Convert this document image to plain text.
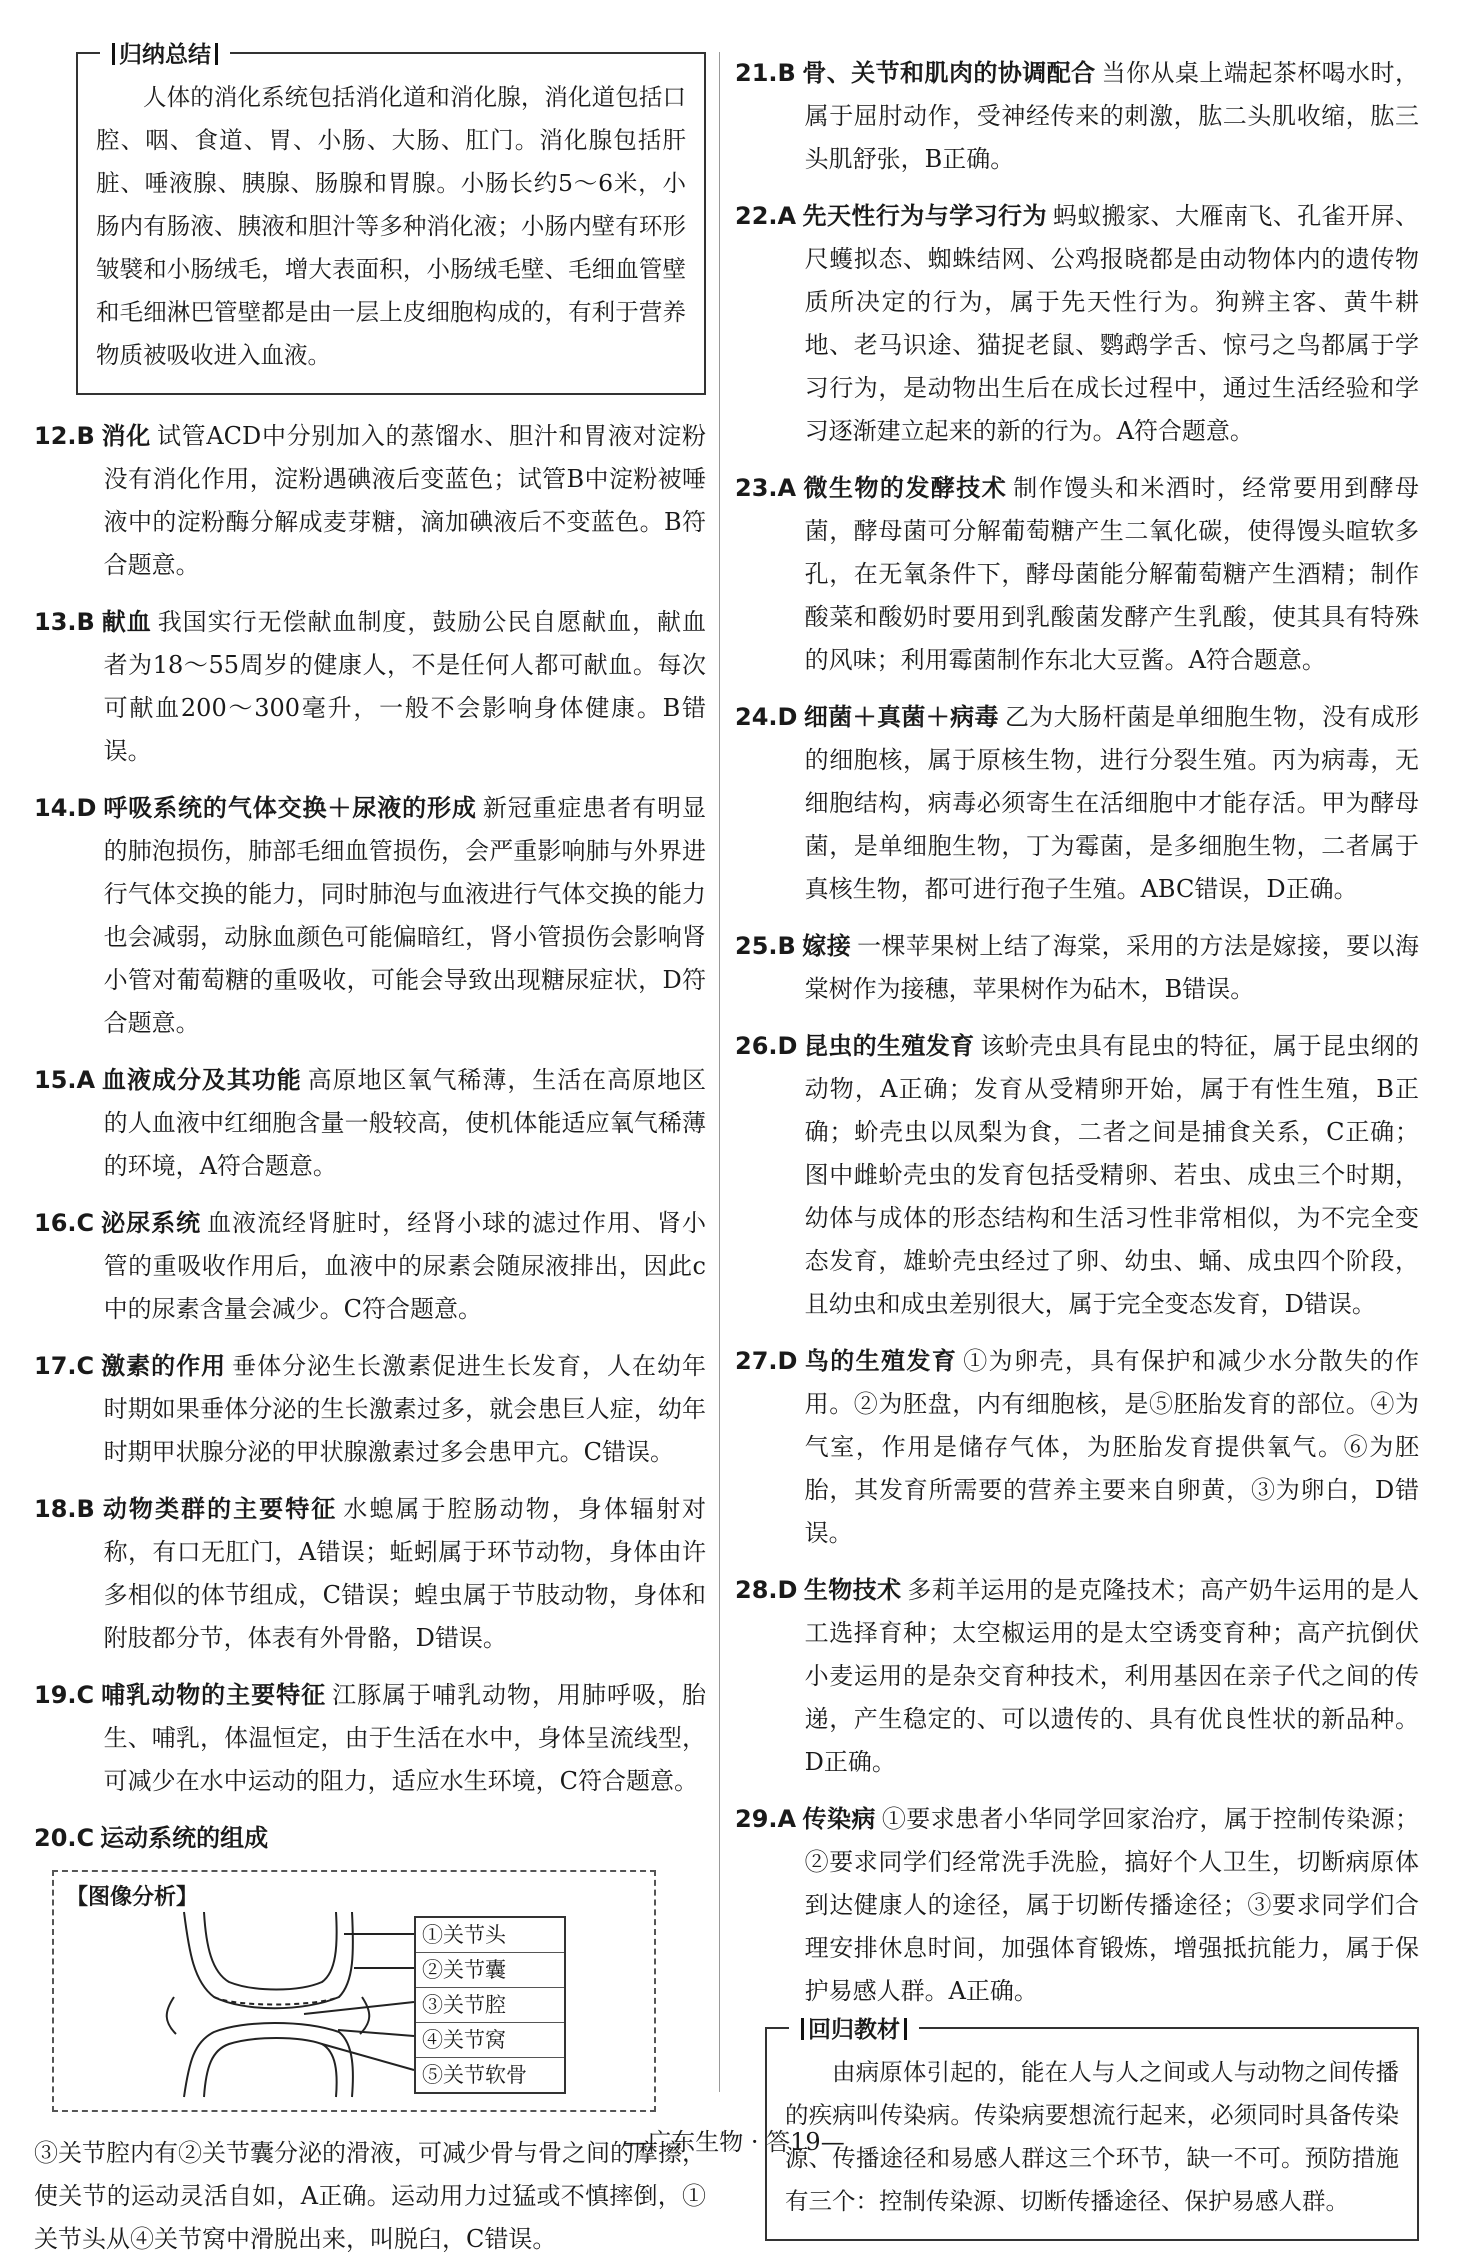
归纳总结
人体的消化系统包括消化道和消化腺，消化道包括口腔、咽、食道、胃、小肠、大肠、肛门。消化腺包括肝脏、唾液腺、胰腺、肠腺和胃腺。小肠长约5～6米，小肠内有肠液、胰液和胆汁等多种消化液；小肠内壁有环形皱襞和小肠绒毛，增大表面积，小肠绒毛壁、毛细血管壁和毛细淋巴管壁都是由一层上皮细胞构成的，有利于营养物质被吸收进入血液。
12.B 消化 试管ACD中分别加入的蒸馏水、胆汁和胃液对淀粉没有消化作用，淀粉遇碘液后变蓝色；试管B中淀粉被唾液中的淀粉酶分解成麦芽糖，滴加碘液后不变蓝色。B符合题意。
13.B 献血 我国实行无偿献血制度，鼓励公民自愿献血，献血者为18～55周岁的健康人，不是任何人都可献血。每次可献血200～300毫升，一般不会影响身体健康。B错误。
14.D 呼吸系统的气体交换＋尿液的形成 新冠重症患者有明显的肺泡损伤，肺部毛细血管损伤，会严重影响肺与外界进行气体交换的能力，同时肺泡与血液进行气体交换的能力也会减弱，动脉血颜色可能偏暗红，肾小管损伤会影响肾小管对葡萄糖的重吸收，可能会导致出现糖尿症状，D符合题意。
15.A 血液成分及其功能 高原地区氧气稀薄，生活在高原地区的人血液中红细胞含量一般较高，使机体能适应氧气稀薄的环境，A符合题意。
16.C 泌尿系统 血液流经肾脏时，经肾小球的滤过作用、肾小管的重吸收作用后，血液中的尿素会随尿液排出，因此c中的尿素含量会减少。C符合题意。
17.C 激素的作用 垂体分泌生长激素促进生长发育，人在幼年时期如果垂体分泌的生长激素过多，就会患巨人症，幼年时期甲状腺分泌的甲状腺激素过多会患甲亢。C错误。
18.B 动物类群的主要特征 水螅属于腔肠动物，身体辐射对称，有口无肛门，A错误；蚯蚓属于环节动物，身体由许多相似的体节组成，C错误；蝗虫属于节肢动物，身体和附肢都分节，体表有外骨骼，D错误。
19.C 哺乳动物的主要特征 江豚属于哺乳动物，用肺呼吸，胎生、哺乳，体温恒定，由于生活在水中，身体呈流线型，可减少在水中运动的阻力，适应水生环境，C符合题意。
20.C 运动系统的组成
【图像分析】
①关节头
②关节囊
③关节腔
④关节窝
⑤关节软骨
③关节腔内有②关节囊分泌的滑液，可减少骨与骨之间的摩擦，使关节的运动灵活自如，A正确。运动用力过猛或不慎摔倒，①关节头从④关节窝中滑脱出来，叫脱臼，C错误。
21.B 骨、关节和肌肉的协调配合 当你从桌上端起茶杯喝水时，属于屈肘动作，受神经传来的刺激，肱二头肌收缩，肱三头肌舒张，B正确。
22.A 先天性行为与学习行为 蚂蚁搬家、大雁南飞、孔雀开屏、尺蠖拟态、蜘蛛结网、公鸡报晓都是由动物体内的遗传物质所决定的行为，属于先天性行为。狗辨主客、黄牛耕地、老马识途、猫捉老鼠、鹦鹉学舌、惊弓之鸟都属于学习行为，是动物出生后在成长过程中，通过生活经验和学习逐渐建立起来的新的行为。A符合题意。
23.A 微生物的发酵技术 制作馒头和米酒时，经常要用到酵母菌，酵母菌可分解葡萄糖产生二氧化碳，使得馒头暄软多孔，在无氧条件下，酵母菌能分解葡萄糖产生酒精；制作酸菜和酸奶时要用到乳酸菌发酵产生乳酸，使其具有特殊的风味；利用霉菌制作东北大豆酱。A符合题意。
24.D 细菌＋真菌＋病毒 乙为大肠杆菌是单细胞生物，没有成形的细胞核，属于原核生物，进行分裂生殖。丙为病毒，无细胞结构，病毒必须寄生在活细胞中才能存活。甲为酵母菌，是单细胞生物，丁为霉菌，是多细胞生物，二者属于真核生物，都可进行孢子生殖。ABC错误，D正确。
25.B 嫁接 一棵苹果树上结了海棠，采用的方法是嫁接，要以海棠树作为接穗，苹果树作为砧木，B错误。
26.D 昆虫的生殖发育 该蚧壳虫具有昆虫的特征，属于昆虫纲的动物，A正确；发育从受精卵开始，属于有性生殖，B正确；蚧壳虫以凤梨为食，二者之间是捕食关系，C正确；图中雌蚧壳虫的发育包括受精卵、若虫、成虫三个时期，幼体与成体的形态结构和生活习性非常相似，为不完全变态发育，雄蚧壳虫经过了卵、幼虫、蛹、成虫四个阶段，且幼虫和成虫差别很大，属于完全变态发育，D错误。
27.D 鸟的生殖发育 ①为卵壳，具有保护和减少水分散失的作用。②为胚盘，内有细胞核，是⑤胚胎发育的部位。④为气室，作用是储存气体，为胚胎发育提供氧气。⑥为胚胎，其发育所需要的营养主要来自卵黄，③为卵白，D错误。
28.D 生物技术 多莉羊运用的是克隆技术；高产奶牛运用的是人工选择育种；太空椒运用的是太空诱变育种；高产抗倒伏小麦运用的是杂交育种技术，利用基因在亲子代之间的传递，产生稳定的、可以遗传的、具有优良性状的新品种。D正确。
29.A 传染病 ①要求患者小华同学回家治疗，属于控制传染源；②要求同学们经常洗手洗脸，搞好个人卫生，切断病原体到达健康人的途径，属于切断传播途径；③要求同学们合理安排休息时间，加强体育锻炼，增强抵抗能力，属于保护易感人群。A正确。
回归教材
由病原体引起的，能在人与人之间或人与动物之间传播的疾病叫传染病。传染病要想流行起来，必须同时具备传染源、传播途径和易感人群这三个环节，缺一不可。预防措施有三个：控制传染源、切断传播途径、保护易感人群。
—广东生物 · 答19—
